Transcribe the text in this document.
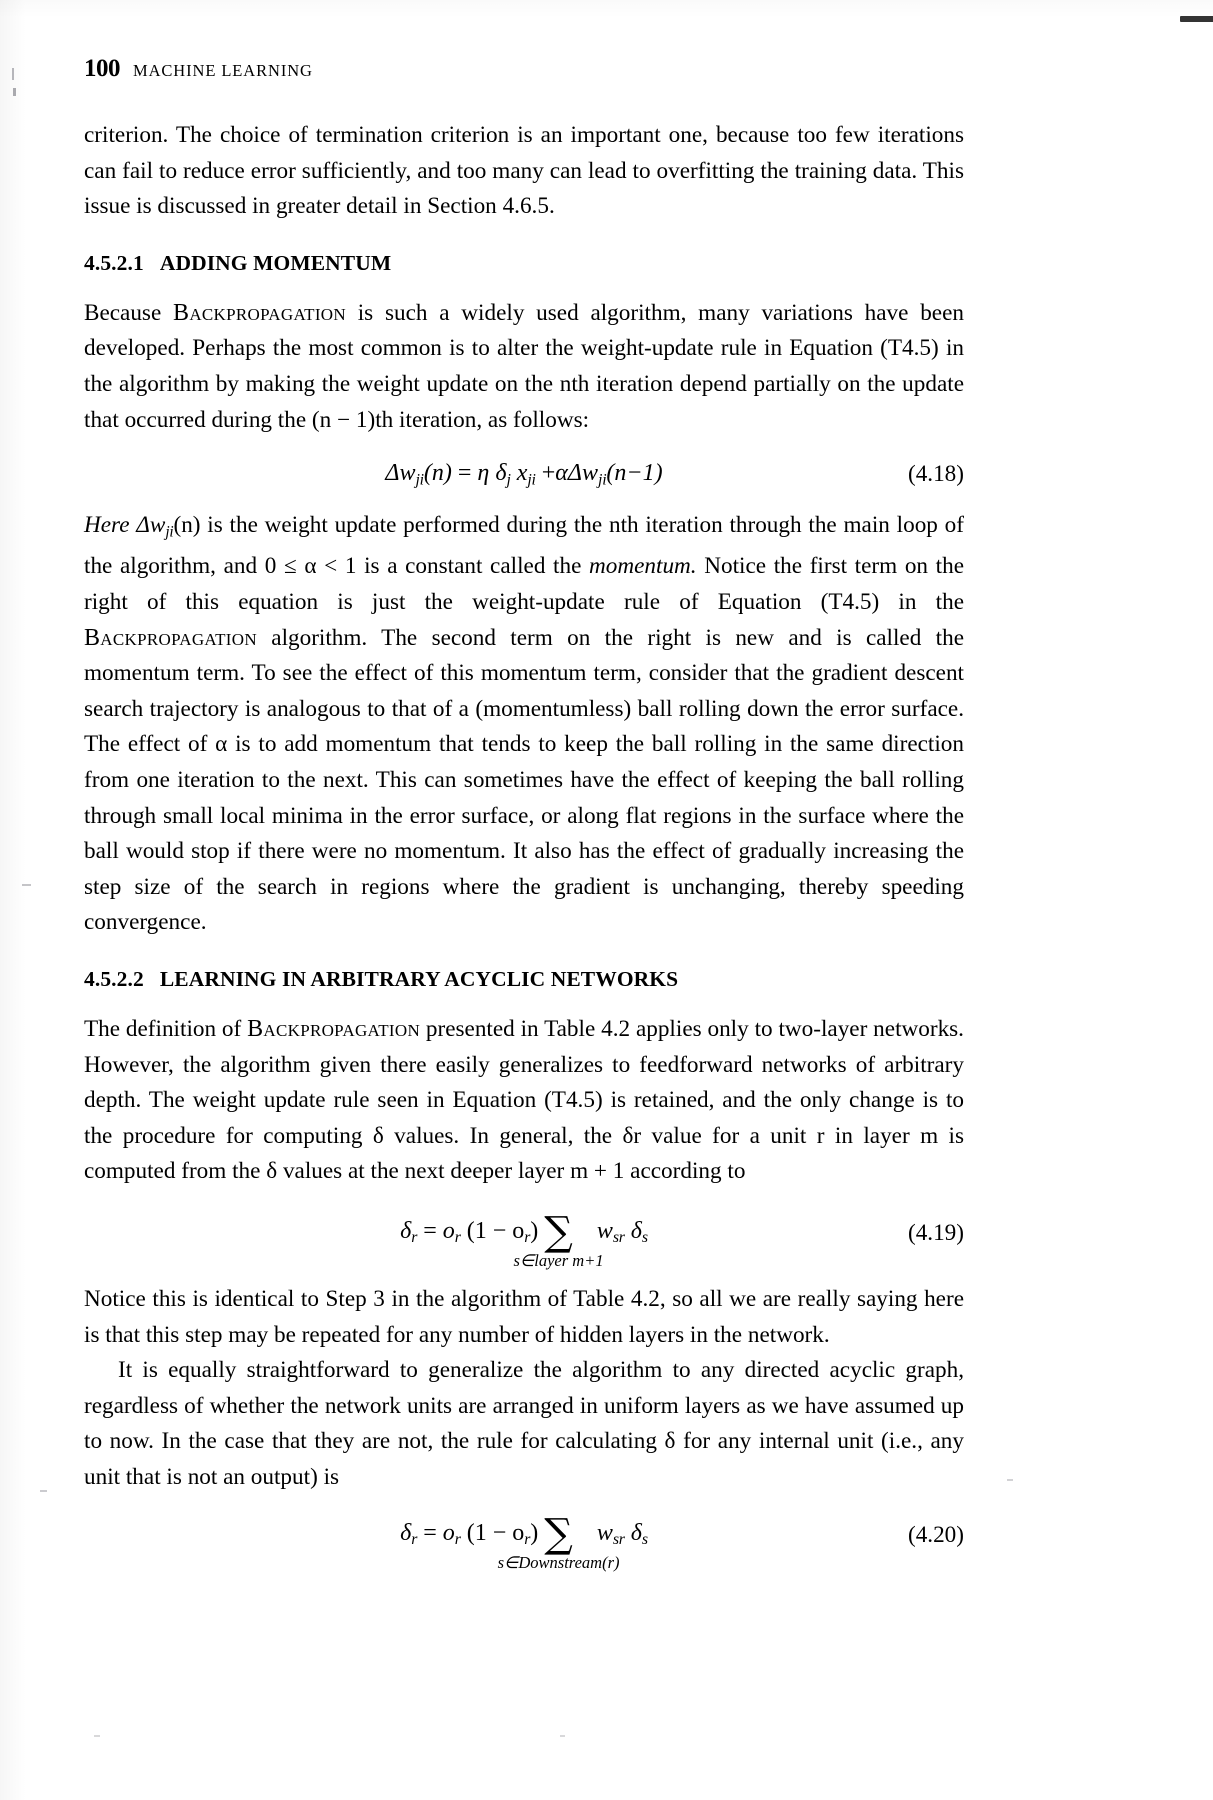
100 MACHINE LEARNING

criterion. The choice of termination criterion is an important one, because too few iterations can fail to reduce error sufficiently, and too many can lead to overfitting the training data. This issue is discussed in greater detail in Section 4.6.5.

4.5.2.1 ADDING MOMENTUM

Because Backpropagation is such a widely used algorithm, many variations have been developed. Perhaps the most common is to alter the weight-update rule in Equation (T4.5) in the algorithm by making the weight update on the nth iteration depend partially on the update that occurred during the (n − 1)th iteration, as follows:

$\Delta w_{ji}(n) = \eta$ $\delta_j$ $x_{ji} +\alpha\Delta w_{ji}(n-1)$	(4.18)

Here $\Delta w_{ji}(n)$ is the weight update performed during the nth iteration through the main loop of the algorithm, and 0 ≤ α < 1 is a constant called the momentum. Notice the first term on the right of this equation is just the weight-update rule of Equation (T4.5) in the Backpropagation algorithm. The second term on the right is new and is called the momentum term. To see the effect of this momentum term, consider that the gradient descent search trajectory is analogous to that of a (momentumless) ball rolling down the error surface. The effect of α is to add momentum that tends to keep the ball rolling in the same direction from one iteration to the next. This can sometimes have the effect of keeping the ball rolling through small local minima in the error surface, or along flat regions in the surface where the ball would stop if there were no momentum. It also has the effect of gradually increasing the step size of the search in regions where the gradient is unchanging, thereby speeding convergence.

4.5.2.2 LEARNING IN ARBITRARY ACYCLIC NETWORKS

The definition of Backpropagation presented in Table 4.2 applies only to two-layer networks. However, the algorithm given there easily generalizes to feedforward networks of arbitrary depth. The weight update rule seen in Equation (T4.5) is retained, and the only change is to the procedure for computing δ values. In general, the δr value for a unit r in layer m is computed from the δ values at the next deeper layer m + 1 according to

$\delta_r = o_r$ $(1 - o_r)$ ∑
s∈layer m+1
$w_{sr}$ $\delta_s$	(4.19)

Notice this is identical to Step 3 in the algorithm of Table 4.2, so all we are really saying here is that this step may be repeated for any number of hidden layers in the network.

It is equally straightforward to generalize the algorithm to any directed acyclic graph, regardless of whether the network units are arranged in uniform layers as we have assumed up to now. In the case that they are not, the rule for calculating δ for any internal unit (i.e., any unit that is not an output) is

$\delta_r = o_r$ $(1 - o_r)$ ∑
s∈Downstream(r)
$w_{sr}$ $\delta_s$	(4.20)
